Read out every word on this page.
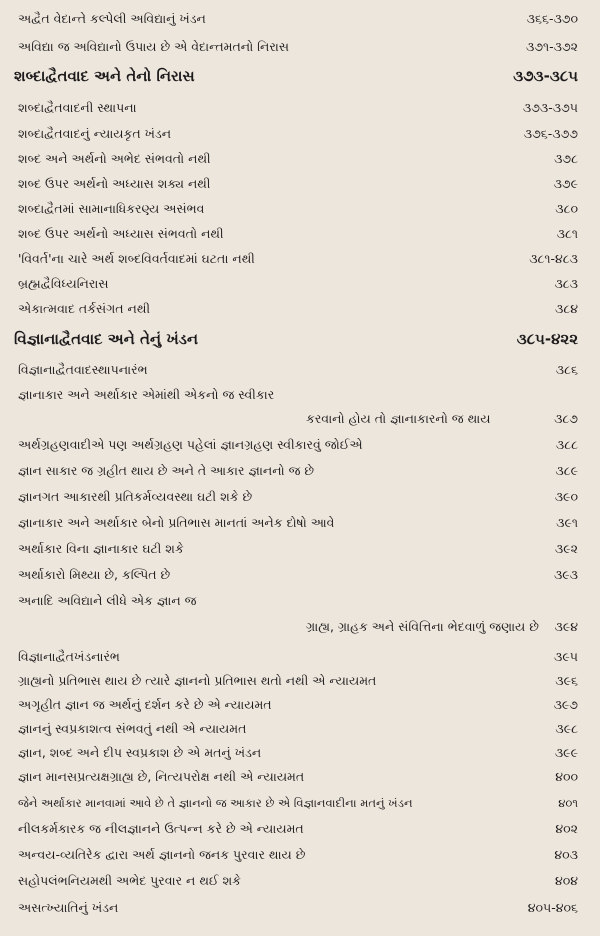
અદ્વૈત વેદાન્તે કલ્પેલી અવિદ્યાનું ખંડન	૩૬૬-૩૭૦
અવિદ્યા જ અવિદ્યાનો ઉપાય છે એ વેદાન્તમતનો નિરાસ	૩૭૧-૩૭૨
શબ્દાદ્વૈતવાદ અને તેનો નિરાસ	૩૭૩-૩૮૫
શબ્દાદ્વૈતવાદની સ્થાપના	૩૭૩-૩૭૫
શબ્દાદ્વૈતવાદનું ન્યાયકૃત ખંડન	૩૭૬-૩૭૭
શબ્દ અને અર્થનો અભેદ સંભવતો નથી	૩૭૮
શબ્દ ઉપર અર્થનો અધ્યાસ શક્ય નથી	૩૭૯
શબ્દાદ્વૈતમાં સામાનાધિકરણ્ય અસંભવ	૩૮૦
શબ્દ ઉપર અર્થનો અધ્યાસ સંભવતો નથી	૩૮૧
'વિવર્ત'ના ચારે અર્થ શબ્દવિવર્તવાદમાં ઘટતા નથી	૩૮૧-૪૮૩
બ્રહ્મદ્વૈવિધ્યનિરાસ	૩૮૩
એકાત્મવાદ તર્કસંગત નથી	૩૮૪
વિજ્ઞાનાદ્વૈતવાદ અને તેનું ખંડન	૩૮૫-૪૨૨
વિજ્ઞાનાદ્વૈતવાદસ્થાપનારંભ	૩૮૬
જ્ઞાનાકાર અને અર્થાકાર એમાંથી એકનો જ સ્વીકાર
કરવાનો હોય તો જ્ઞાનાકારનો જ થાય	૩૮૭
અર્થગ્રહણવાદીએ પણ અર્થગ્રહણ પહેલાં જ્ઞાનગ્રહણ સ્વીકારવું જોઈએ	૩૮૮
જ્ઞાન સાકાર જ ગ્રહીત થાય છે અને તે આકાર જ્ઞાનનો જ છે	૩૮૯
જ્ઞાનગત આકારથી પ્રતિકર્મવ્યવસ્થા ઘટી શકે છે	૩૯૦
જ્ઞાનાકાર અને અર્થાકાર બેનો પ્રતિભાસ માનતાં અનેક દોષો આવે	૩૯૧
અર્થાકાર વિના જ્ઞાનાકાર ઘટી શકે	૩૯૨
અર્થાકારો મિથ્યા છે, કલ્પિત છે	૩૯૩
અનાદિ અવિદ્યાને લીધે એક જ્ઞાન જ
ગ્રાહ્ય, ગ્રાહક અને સંવિત્તિના ભેદવાળું જણાય છે ૩૯૪
વિજ્ઞાનાદ્વૈતખંડનારંભ	૩૯૫
ગ્રાહ્યનો પ્રતિભાસ થાય છે ત્યારે જ્ઞાનનો પ્રતિભાસ થતો નથી એ ન્યાયમત	૩૯૬
અગૃહીત જ્ઞાન જ અર્થનું દર્શન કરે છે એ ન્યાયમત	૩૯૭
જ્ઞાનનું સ્વપ્રકાશત્વ સંભવતું નથી એ ન્યાયમત	૩૯૮
જ્ઞાન, શબ્દ અને દીપ સ્વપ્રકાશ છે એ મતનું ખંડન	૩૯૯
જ્ઞાન માનસપ્રત્યક્ષગ્રાહ્ય છે, નિત્યપરોક્ષ નથી એ ન્યાયમત	૪૦૦
જેને અર્થાકાર માનવામાં આવે છે તે જ્ઞાનનો જ આકાર છે એ વિજ્ઞાનવાદીના મતનું ખંડન	૪૦૧
નીલકર્મકારક જ નીલજ્ઞાનને ઉત્પન્ન કરે છે એ ન્યાયમત	૪૦૨
અન્વય-વ્યતિરેક દ્વારા અર્થ જ્ઞાનનો જનક પુરવાર થાય છે	૪૦૩
સહોપલંભનિયમથી અભેદ પુરવાર ન થઈ શકે	૪૦૪
અસત્ખ્યાતિનું ખંડન	૪૦૫-૪૦૬
